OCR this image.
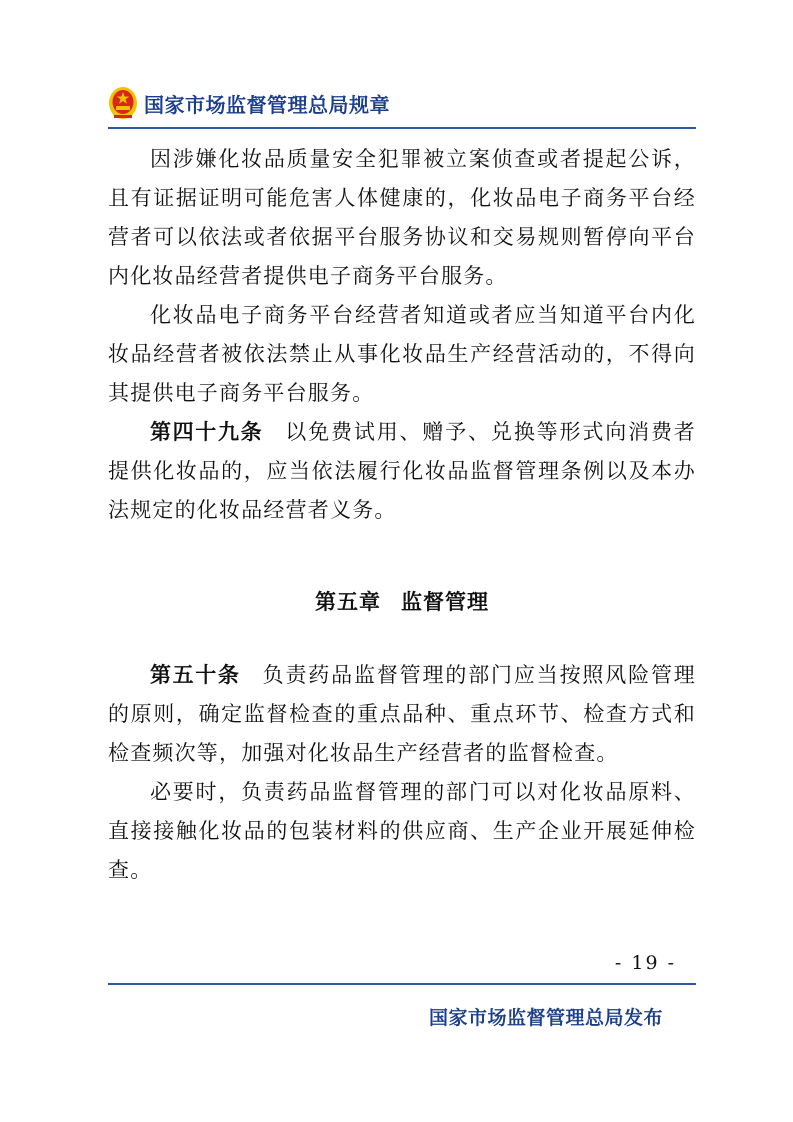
国家市场监督管理总局规章

因涉嫌化妆品质量安全犯罪被立案侦查或者提起公诉，且有证据证明可能危害人体健康的，化妆品电子商务平台经营者可以依法或者依据平台服务协议和交易规则暂停向平台内化妆品经营者提供电子商务平台服务。

化妆品电子商务平台经营者知道或者应当知道平台内化妆品经营者被依法禁止从事化妆品生产经营活动的，不得向其提供电子商务平台服务。

第四十九条 以免费试用、赠予、兑换等形式向消费者提供化妆品的，应当依法履行化妆品监督管理条例以及本办法规定的化妆品经营者义务。

第五章 监督管理

第五十条 负责药品监督管理的部门应当按照风险管理的原则，确定监督检查的重点品种、重点环节、检查方式和检查频次等，加强对化妆品生产经营者的监督检查。

必要时，负责药品监督管理的部门可以对化妆品原料、直接接触化妆品的包装材料的供应商、生产企业开展延伸检查。

- 19 -
国家市场监督管理总局发布
